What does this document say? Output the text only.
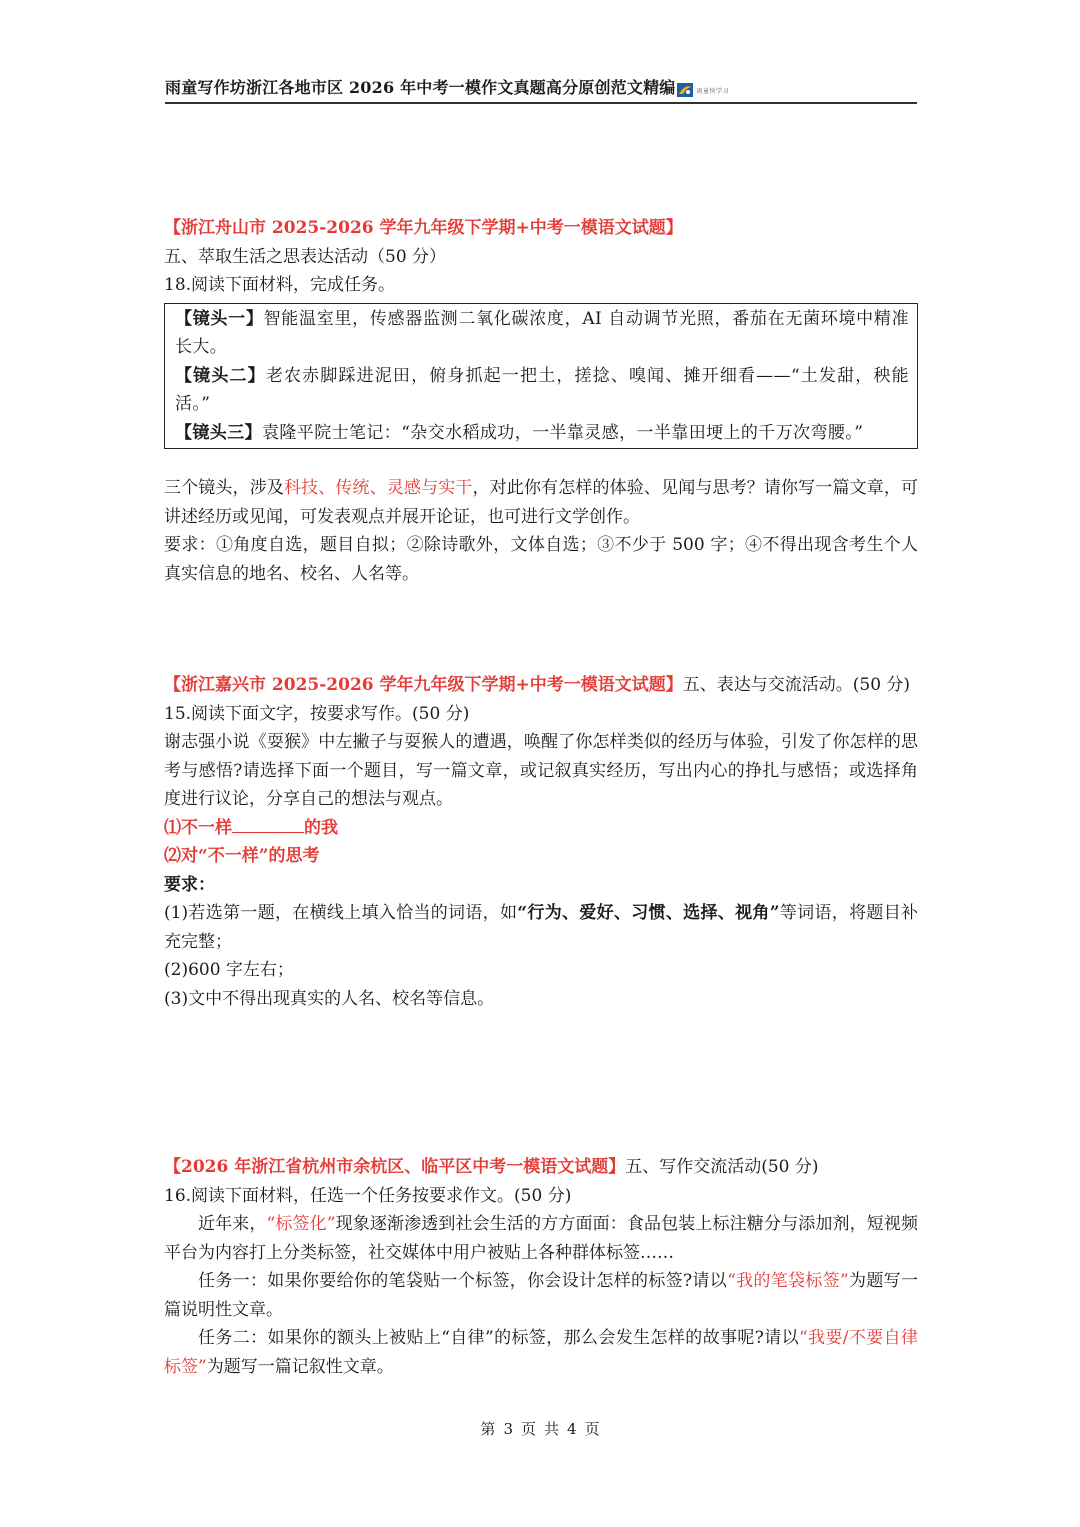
雨童写作坊浙江各地市区 2026 年中考一模作文真题高分原创范文精编	雨童快学习
【浙江舟山市 2025-2026 学年九年级下学期+中考一模语文试题】
五、萃取生活之思表达活动（50 分）
18.阅读下面材料，完成任务。

【镜头一】智能温室里，传感器监测二氧化碳浓度，AI 自动调节光照，番茄在无菌环境中精准长大。

【镜头二】老农赤脚踩进泥田，俯身抓起一把土，搓捻、嗅闻、摊开细看——“土发甜，秧能活。”

【镜头三】袁隆平院士笔记：“杂交水稻成功，一半靠灵感，一半靠田埂上的千万次弯腰。”

三个镜头，涉及科技、传统、灵感与实干，对此你有怎样的体验、见闻与思考？请你写一篇文章，可讲述经历或见闻，可发表观点并展开论证，也可进行文学创作。
要求：①角度自选，题目自拟；②除诗歌外，文体自选；③不少于 500 字；④不得出现含考生个人真实信息的地名、校名、人名等。
【浙江嘉兴市 2025-2026 学年九年级下学期+中考一模语文试题】五、表达与交流活动。(50 分)
15.阅读下面文字，按要求写作。(50 分)
谢志强小说《耍猴》中左撇子与耍猴人的遭遇，唤醒了你怎样类似的经历与体验，引发了你怎样的思考与感悟?请选择下面一个题目，写一篇文章，或记叙真实经历，写出内心的挣扎与感悟；或选择角度进行议论，分享自己的想法与观点。
⑴不一样	的我
⑵对“不一样”的思考
要求：
(1)若选第一题，在横线上填入恰当的词语，如“行为、爱好、习惯、选择、视角”等词语，将题目补充完整；
(2)600 字左右；
(3)文中不得出现真实的人名、校名等信息。
【2026 年浙江省杭州市余杭区、临平区中考一模语文试题】五、写作交流活动(50 分)
16.阅读下面材料，任选一个任务按要求作文。(50 分)
近年来，“标签化”现象逐渐渗透到社会生活的方方面面：食品包装上标注糖分与添加剂，短视频平台为内容打上分类标签，社交媒体中用户被贴上各种群体标签……
任务一：如果你要给你的笔袋贴一个标签，你会设计怎样的标签?请以“我的笔袋标签”为题写一篇说明性文章。
任务二：如果你的额头上被贴上“自律”的标签，那么会发生怎样的故事呢?请以“我要/不要自律标签”为题写一篇记叙性文章。
第 3 页 共 4 页
